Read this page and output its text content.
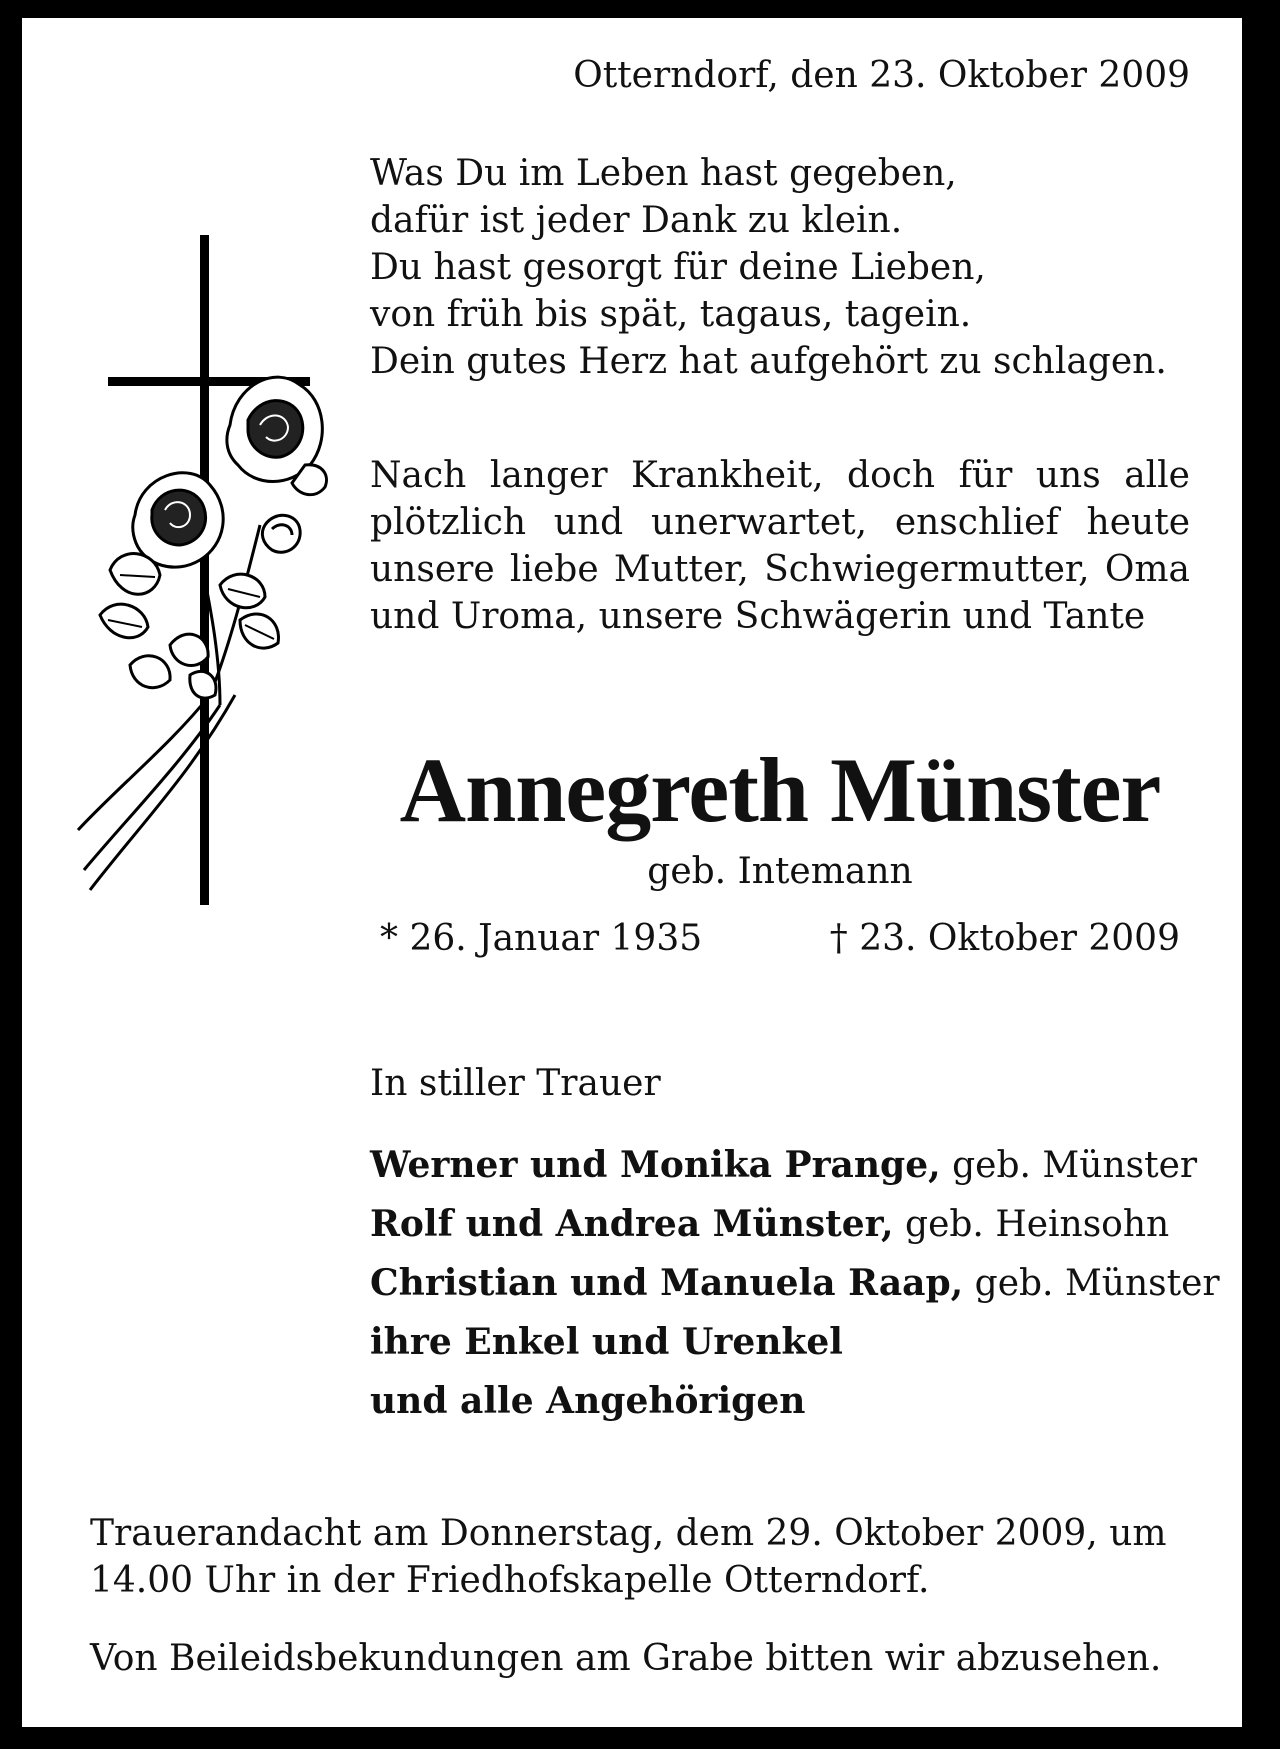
Otterndorf, den 23. Oktober 2009
Was Du im Leben hast gegeben,
dafür ist jeder Dank zu klein.
Du hast gesorgt für deine Lieben,
von früh bis spät, tagaus, tagein.
Dein gutes Herz hat aufgehört zu schlagen.
Nach langer Krankheit, doch für uns alle plötzlich und unerwartet, enschlief heute unsere liebe Mutter, Schwiegermutter, Oma und Uroma, unsere Schwägerin und Tante
Annegreth Münster
geb. Intemann
* 26. Januar 1935	† 23. Oktober 2009
In stiller Trauer
Werner und Monika Prange, geb. Münster
Rolf und Andrea Münster, geb. Heinsohn
Christian und Manuela Raap, geb. Münster
ihre Enkel und Urenkel
und alle Angehörigen
Trauerandacht am Donnerstag, dem 29. Oktober 2009, um 14.00 Uhr in der Friedhofskapelle Otterndorf.
Von Beileidsbekundungen am Grabe bitten wir abzusehen.
